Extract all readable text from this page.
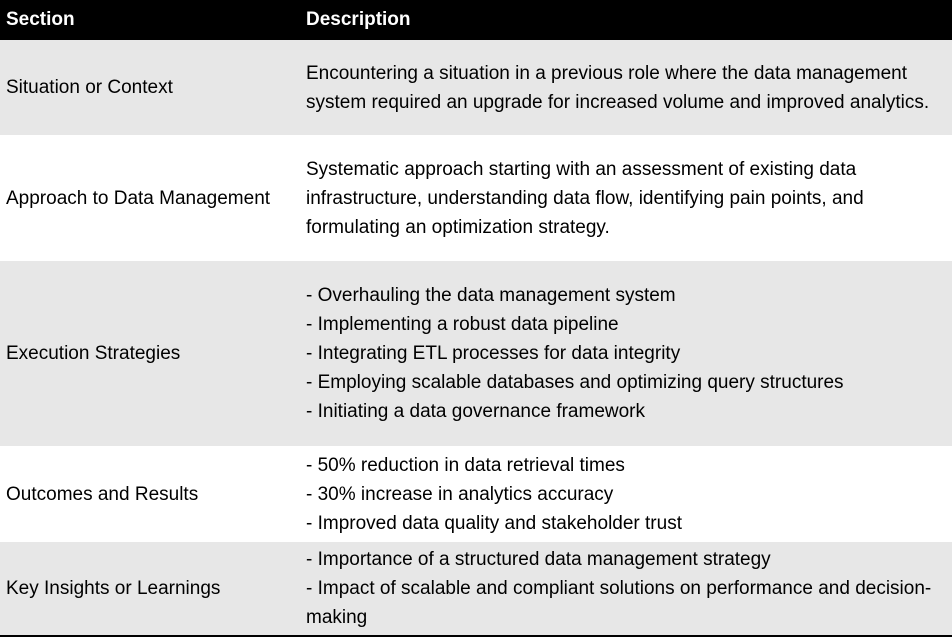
Section	Description
Situation or Context	Encountering a situation in a previous role where the data management system required an upgrade for increased volume and improved analytics.

Approach to Data Management	Systematic approach starting with an assessment of existing data infrastructure, understanding data flow, identifying pain points, and formulating an optimization strategy.

Execution Strategies	- Overhauling the data management system
- Implementing a robust data pipeline
- Integrating ETL processes for data integrity
- Employing scalable databases and optimizing query structures
- Initiating a data governance framework

Outcomes and Results	- 50% reduction in data retrieval times
- 30% increase in analytics accuracy
- Improved data quality and stakeholder trust

Key Insights or Learnings	- Importance of a structured data management strategy
- Impact of scalable and compliant solutions on performance and decision-making
